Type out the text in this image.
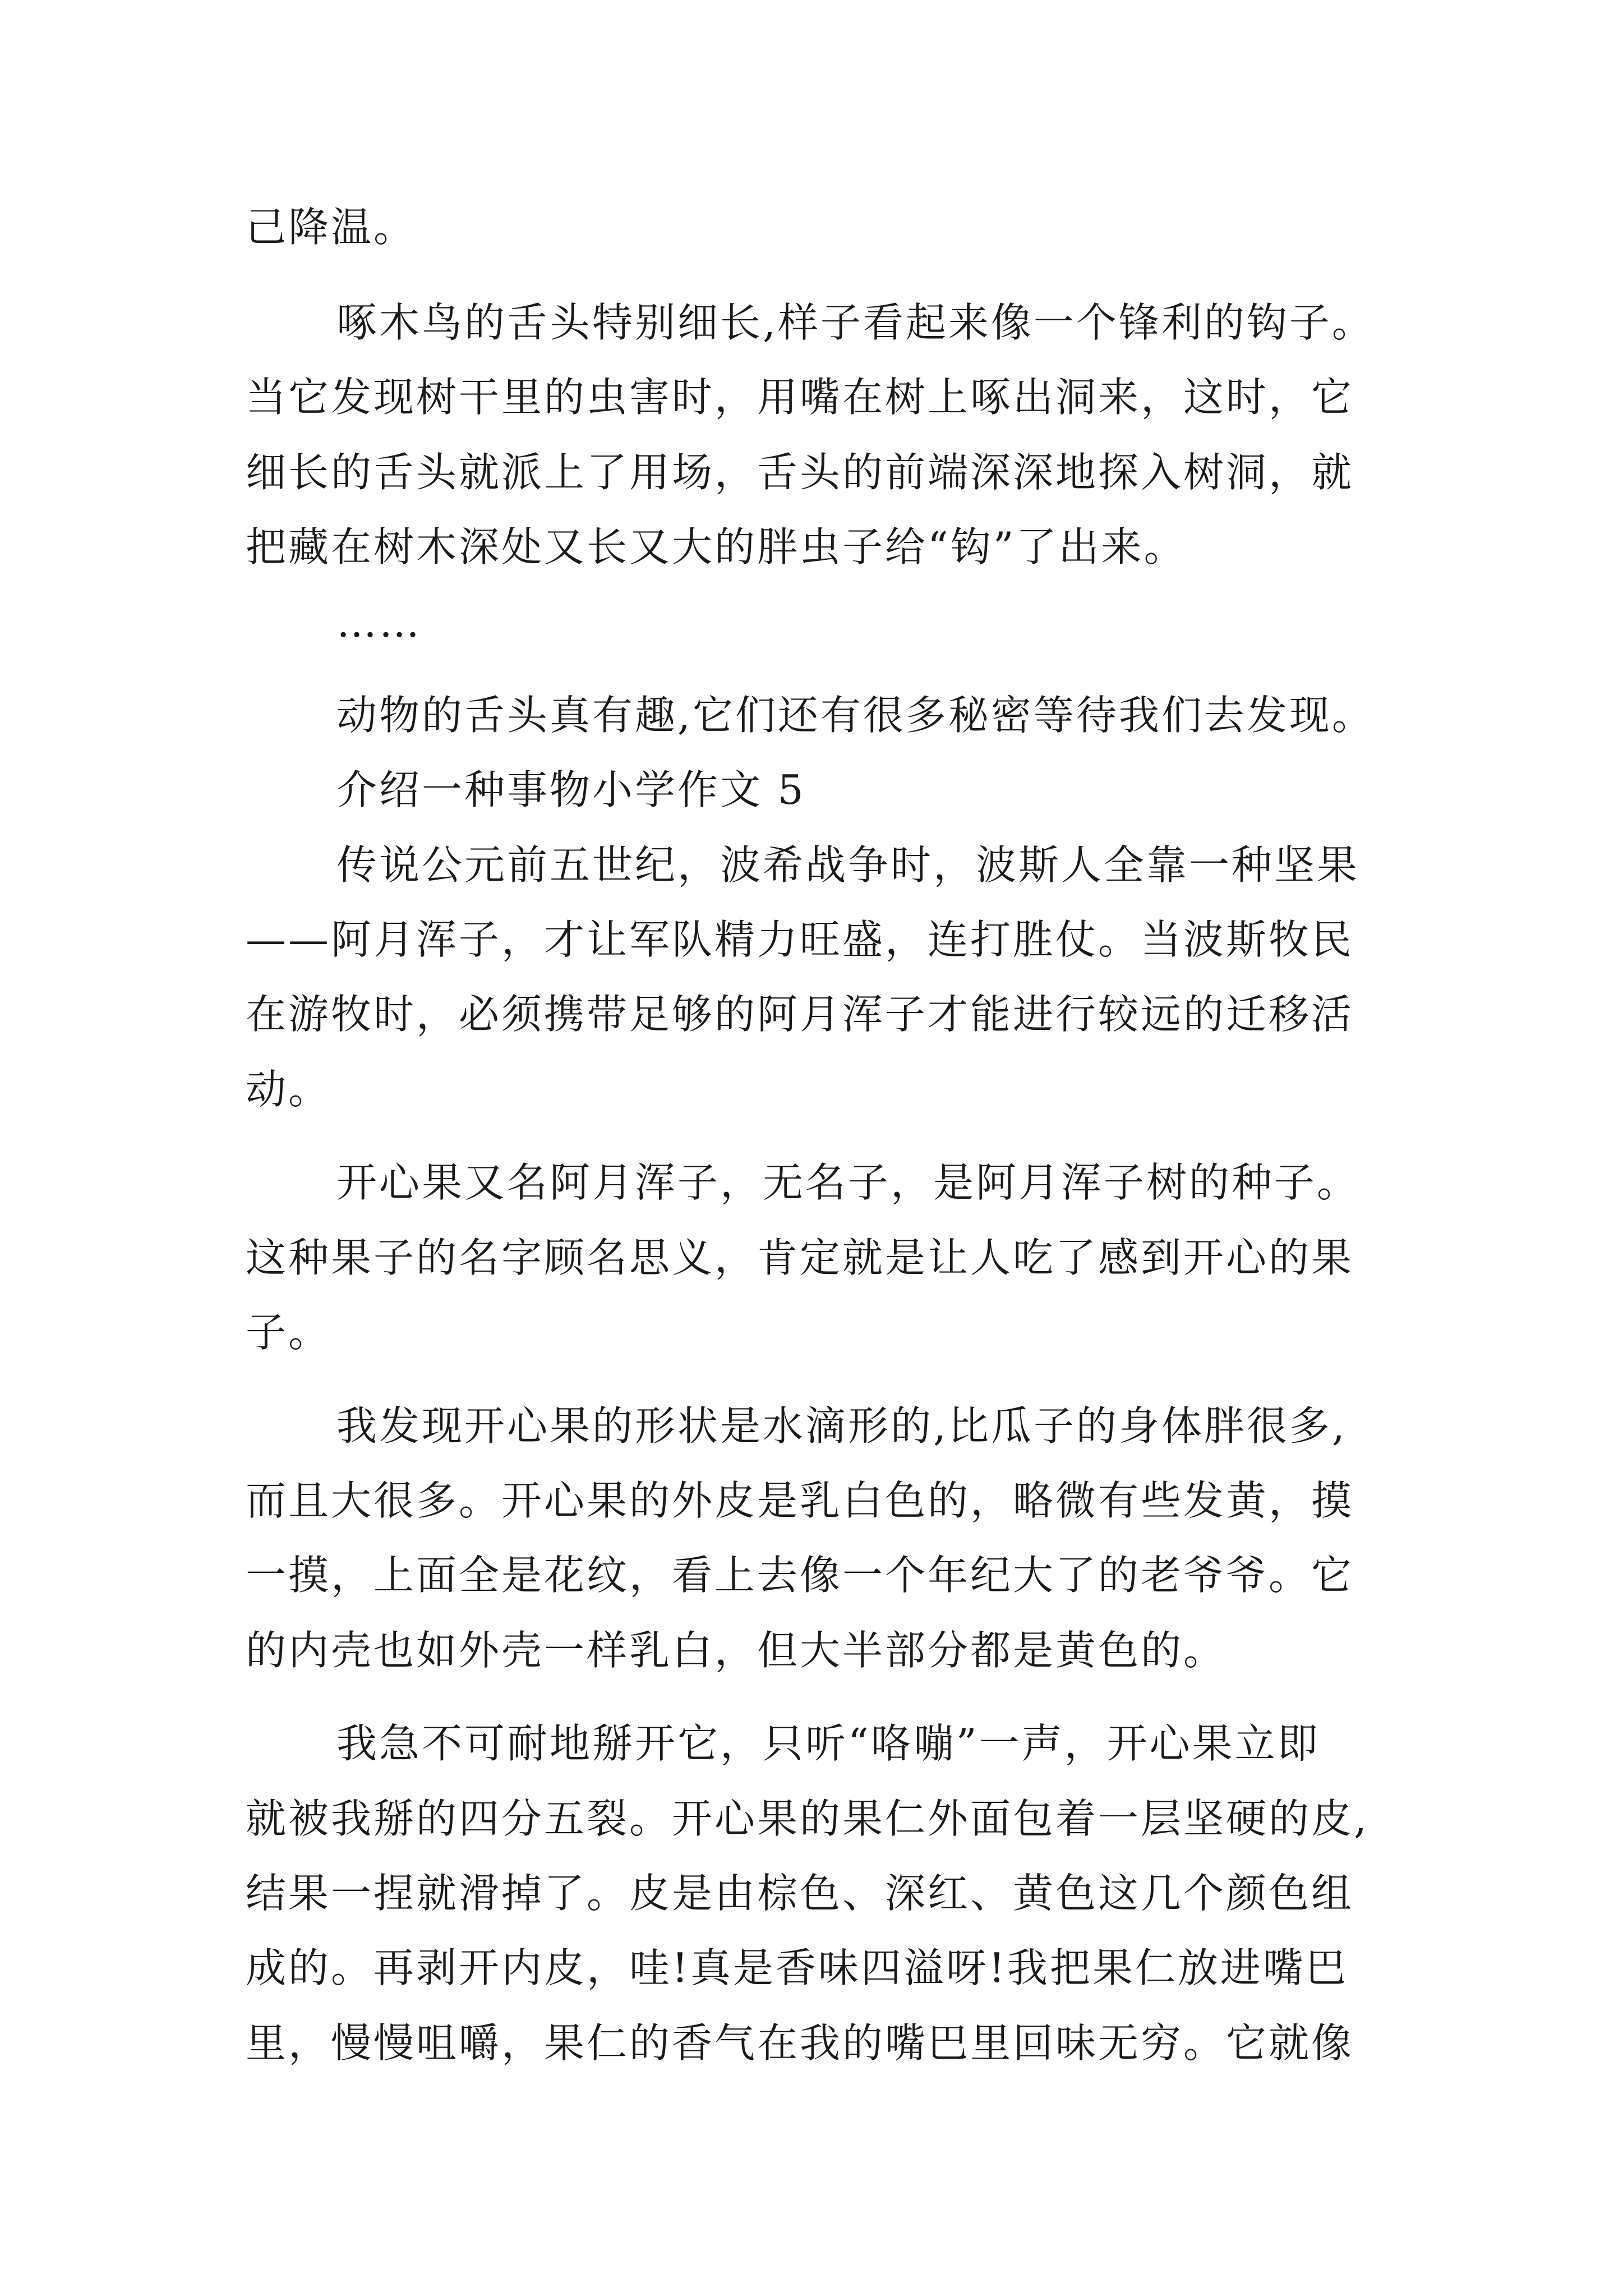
己降温。
啄木鸟的舌头特别细长,样子看起来像一个锋利的钩子。
当它发现树干里的虫害时，用嘴在树上啄出洞来，这时，它
细长的舌头就派上了用场，舌头的前端深深地探入树洞，就
把藏在树木深处又长又大的胖虫子给“钩”了出来。
……
动物的舌头真有趣,它们还有很多秘密等待我们去发现。
介绍一种事物小学作文 5
传说公元前五世纪，波希战争时，波斯人全靠一种坚果
——阿月浑子，才让军队精力旺盛，连打胜仗。当波斯牧民
在游牧时，必须携带足够的阿月浑子才能进行较远的迁移活
动。
开心果又名阿月浑子，无名子，是阿月浑子树的种子。
这种果子的名字顾名思义，肯定就是让人吃了感到开心的果
子。
我发现开心果的形状是水滴形的,比瓜子的身体胖很多,
而且大很多。开心果的外皮是乳白色的，略微有些发黄，摸
一摸，上面全是花纹，看上去像一个年纪大了的老爷爷。它
的内壳也如外壳一样乳白，但大半部分都是黄色的。
我急不可耐地掰开它，只听“咯嘣”一声，开心果立即
就被我掰的四分五裂。开心果的果仁外面包着一层坚硬的皮,
结果一捏就滑掉了。皮是由棕色、深红、黄色这几个颜色组
成的。再剥开内皮，哇!真是香味四溢呀!我把果仁放进嘴巴
里，慢慢咀嚼，果仁的香气在我的嘴巴里回味无穷。它就像
